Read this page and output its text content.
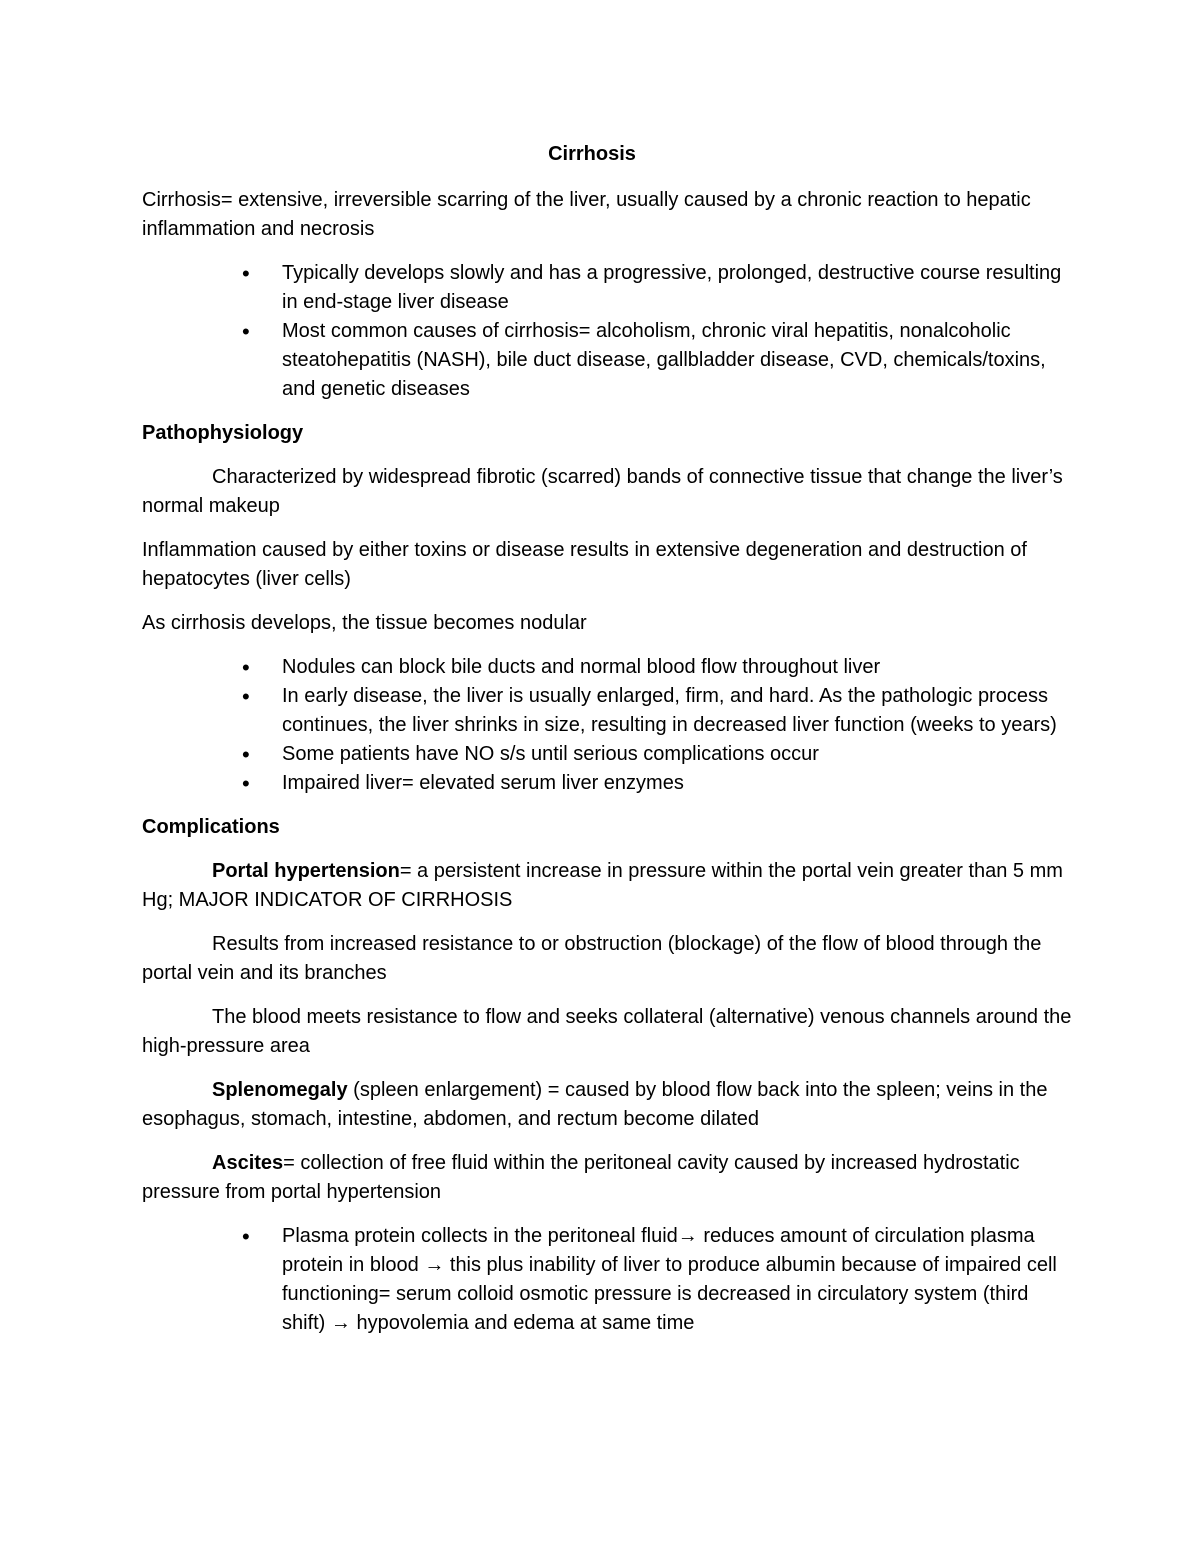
Cirrhosis

Cirrhosis= extensive, irreversible scarring of the liver, usually caused by a chronic reaction to hepatic inflammation and necrosis

• Typically develops slowly and has a progressive, prolonged, destructive course resulting in end-stage liver disease
• Most common causes of cirrhosis= alcoholism, chronic viral hepatitis, nonalcoholic steatohepatitis (NASH), bile duct disease, gallbladder disease, CVD, chemicals/toxins, and genetic diseases
Pathophysiology

Characterized by widespread fibrotic (scarred) bands of connective tissue that change the liver’s normal makeup

Inflammation caused by either toxins or disease results in extensive degeneration and destruction of hepatocytes (liver cells)

As cirrhosis develops, the tissue becomes nodular

• Nodules can block bile ducts and normal blood flow throughout liver
• In early disease, the liver is usually enlarged, firm, and hard. As the pathologic process continues, the liver shrinks in size, resulting in decreased liver function (weeks to years)
• Some patients have NO s/s until serious complications occur
• Impaired liver= elevated serum liver enzymes
Complications

Portal hypertension= a persistent increase in pressure within the portal vein greater than 5 mm Hg; MAJOR INDICATOR OF CIRRHOSIS

Results from increased resistance to or obstruction (blockage) of the flow of blood through the portal vein and its branches

The blood meets resistance to flow and seeks collateral (alternative) venous channels around the high-pressure area

Splenomegaly (spleen enlargement) = caused by blood flow back into the spleen; veins in the esophagus, stomach, intestine, abdomen, and rectum become dilated

Ascites= collection of free fluid within the peritoneal cavity caused by increased hydrostatic pressure from portal hypertension

• Plasma protein collects in the peritoneal fluid→ reduces amount of circulation plasma protein in blood → this plus inability of liver to produce albumin because of impaired cell functioning= serum colloid osmotic pressure is decreased in circulatory system (third shift) → hypovolemia and edema at same time
